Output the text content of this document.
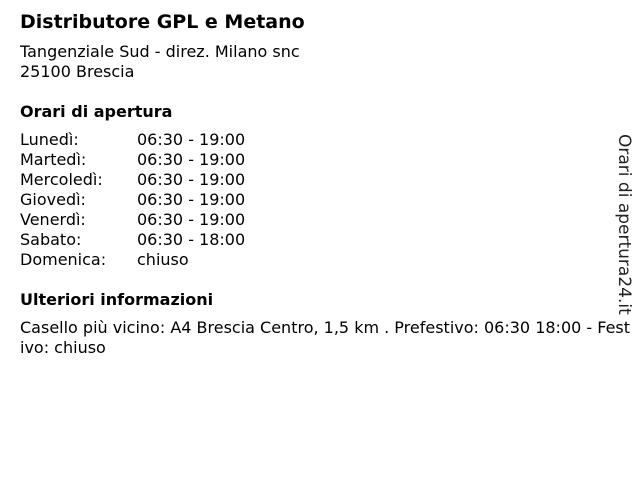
Distributore GPL e Metano
Tangenziale Sud - direz. Milano snc
25100 Brescia
Orari di apertura
Lunedì:	06:30 - 19:00
Martedì:	06:30 - 19:00
Mercoledì:	06:30 - 19:00
Giovedì:	06:30 - 19:00
Venerdì:	06:30 - 19:00
Sabato:	06:30 - 18:00
Domenica:	chiuso
Ulteriori informazioni
Casello più vicino: A4 Brescia Centro, 1,5 km . Prefestivo: 06:30 18:00 - Festivo: chiuso
Orari di apertura24.it
